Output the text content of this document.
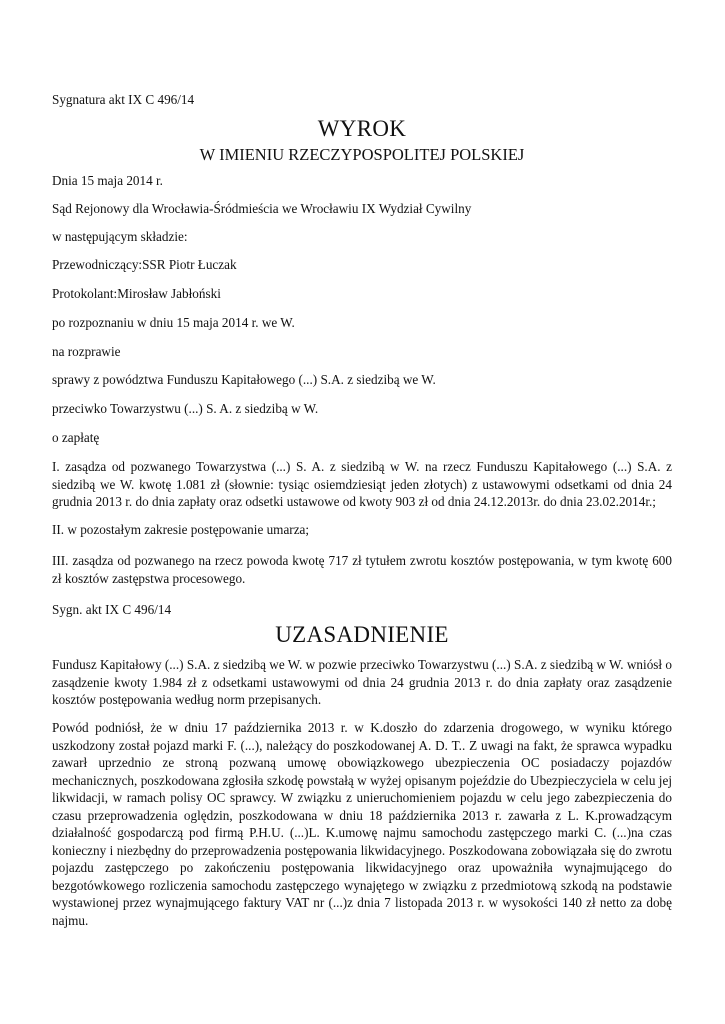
Sygnatura akt IX C 496/14

WYROK

W IMIENIU RZECZYPOSPOLITEJ POLSKIEJ

Dnia 15 maja 2014 r.

Sąd Rejonowy dla Wrocławia-Śródmieścia we Wrocławiu IX Wydział Cywilny

w następującym składzie:

Przewodniczący:SSR Piotr Łuczak

Protokolant:Mirosław Jabłoński

po rozpoznaniu w dniu 15 maja 2014 r. we W.

na rozprawie

sprawy z powództwa Funduszu Kapitałowego (...) S.A. z siedzibą we W.

przeciwko Towarzystwu (...) S. A. z siedzibą w W.

o zapłatę

I. zasądza od pozwanego Towarzystwa (...) S. A. z siedzibą w W. na rzecz Funduszu Kapitałowego (...) S.A. z siedzibą we W. kwotę 1.081 zł (słownie: tysiąc osiemdziesiąt jeden złotych) z ustawowymi odsetkami od dnia 24 grudnia 2013 r. do dnia zapłaty oraz odsetki ustawowe od kwoty 903 zł od dnia 24.12.2013r. do dnia 23.02.2014r.;

II. w pozostałym zakresie postępowanie umarza;

III. zasądza od pozwanego na rzecz powoda kwotę 717 zł tytułem zwrotu kosztów postępowania, w tym kwotę 600 zł kosztów zastępstwa procesowego.

Sygn. akt IX C 496/14

UZASADNIENIE

Fundusz Kapitałowy (...) S.A. z siedzibą we W. w pozwie przeciwko Towarzystwu (...) S.A. z siedzibą w W. wniósł o zasądzenie kwoty 1.984 zł z odsetkami ustawowymi od dnia 24 grudnia 2013 r. do dnia zapłaty oraz zasądzenie kosztów postępowania według norm przepisanych.

Powód podniósł, że w dniu 17 października 2013 r. w K.doszło do zdarzenia drogowego, w wyniku którego uszkodzony został pojazd marki F. (...), należący do poszkodowanej A. D. T.. Z uwagi na fakt, że sprawca wypadku zawarł uprzednio ze stroną pozwaną umowę obowiązkowego ubezpieczenia OC posiadaczy pojazdów mechanicznych, poszkodowana zgłosiła szkodę powstałą w wyżej opisanym pojeździe do Ubezpieczyciela w celu jej likwidacji, w ramach polisy OC sprawcy. W związku z unieruchomieniem pojazdu w celu jego zabezpieczenia do czasu przeprowadzenia oględzin, poszkodowana w dniu 18 października 2013 r. zawarła z L. K.prowadzącym działalność gospodarczą pod firmą P.H.U. (...)L. K.umowę najmu samochodu zastępczego marki C. (...)na czas konieczny i niezbędny do przeprowadzenia postępowania likwidacyjnego. Poszkodowana zobowiązała się do zwrotu pojazdu zastępczego po zakończeniu postępowania likwidacyjnego oraz upoważniła wynajmującego do bezgotówkowego rozliczenia samochodu zastępczego wynajętego w związku z przedmiotową szkodą na podstawie wystawionej przez wynajmującego faktury VAT nr (...)z dnia 7 listopada 2013 r. w wysokości 140 zł netto za dobę najmu.
